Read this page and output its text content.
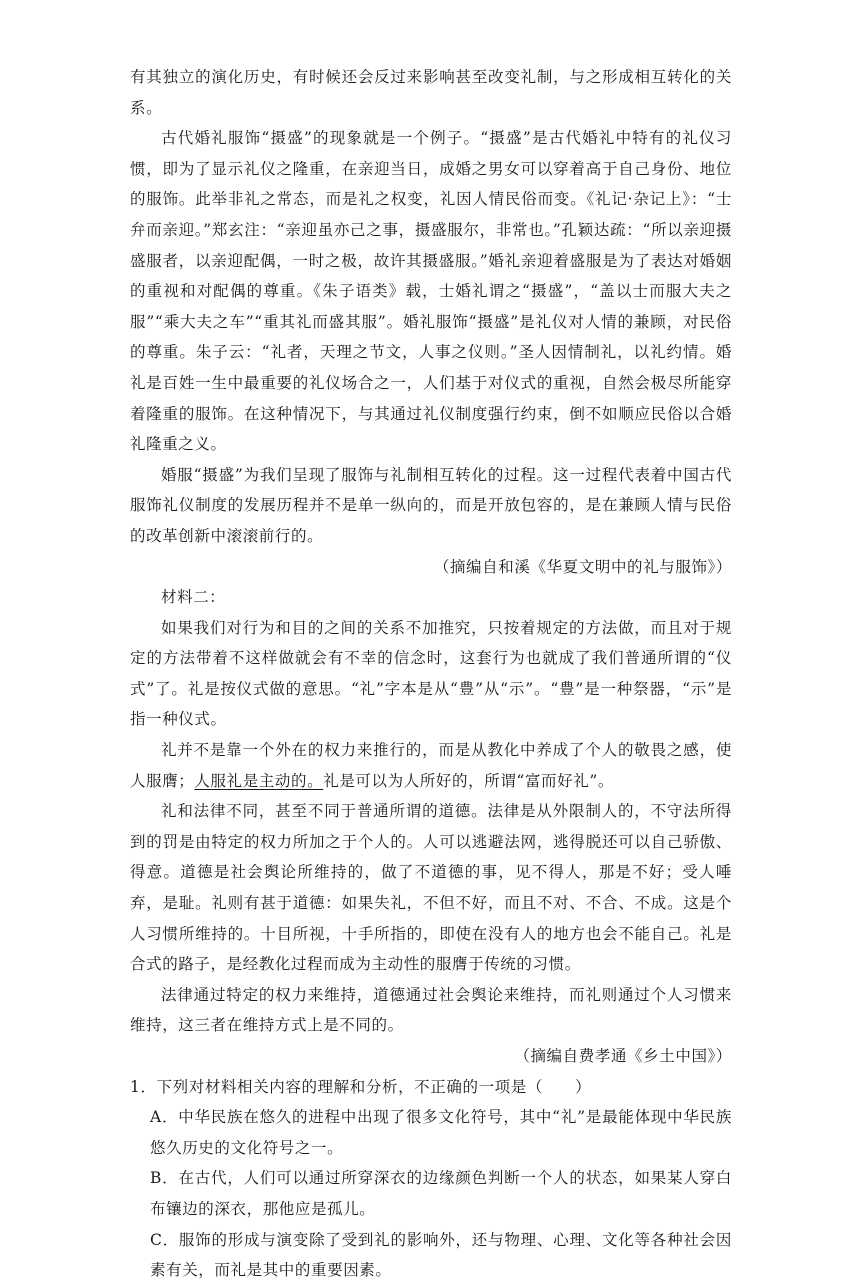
有其独立的演化历史，有时候还会反过来影响甚至改变礼制，与之形成相互转化的关系。

古代婚礼服饰“摄盛”的现象就是一个例子。“摄盛”是古代婚礼中特有的礼仪习惯，即为了显示礼仪之隆重，在亲迎当日，成婚之男女可以穿着高于自己身份、地位的服饰。此举非礼之常态，而是礼之权变，礼因人情民俗而变。《礼记·杂记上》：“士弁而亲迎。”郑玄注：“亲迎虽亦己之事，摄盛服尔，非常也。”孔颖达疏：“所以亲迎摄盛服者，以亲迎配偶，一时之极，故许其摄盛服。”婚礼亲迎着盛服是为了表达对婚姻的重视和对配偶的尊重。《朱子语类》载，士婚礼谓之“摄盛”，“盖以士而服大夫之服”“乘大夫之车”“重其礼而盛其服”。婚礼服饰“摄盛”是礼仪对人情的兼顾，对民俗的尊重。朱子云：“礼者，天理之节文，人事之仪则。”圣人因情制礼，以礼约情。婚礼是百姓一生中最重要的礼仪场合之一，人们基于对仪式的重视，自然会极尽所能穿着隆重的服饰。在这种情况下，与其通过礼仪制度强行约束，倒不如顺应民俗以合婚礼隆重之义。

婚服“摄盛”为我们呈现了服饰与礼制相互转化的过程。这一过程代表着中国古代服饰礼仪制度的发展历程并不是单一纵向的，而是开放包容的，是在兼顾人情与民俗的改革创新中滚滚前行的。

（摘编自和溪《华夏文明中的礼与服饰》）

材料二：

如果我们对行为和目的之间的关系不加推究，只按着规定的方法做，而且对于规定的方法带着不这样做就会有不幸的信念时，这套行为也就成了我们普通所谓的“仪式”了。礼是按仪式做的意思。“礼”字本是从“豊”从“示”。“豊”是一种祭器，“示”是指一种仪式。

礼并不是靠一个外在的权力来推行的，而是从教化中养成了个人的敬畏之感，使人服膺；人服礼是主动的。礼是可以为人所好的，所谓“富而好礼”。

礼和法律不同，甚至不同于普通所谓的道德。法律是从外限制人的，不守法所得到的罚是由特定的权力所加之于个人的。人可以逃避法网，逃得脱还可以自己骄傲、得意。道德是社会舆论所维持的，做了不道德的事，见不得人，那是不好；受人唾弃，是耻。礼则有甚于道德：如果失礼，不但不好，而且不对、不合、不成。这是个人习惯所维持的。十目所视，十手所指的，即使在没有人的地方也会不能自己。礼是合式的路子，是经教化过程而成为主动性的服膺于传统的习惯。

法律通过特定的权力来维持，道德通过社会舆论来维持，而礼则通过个人习惯来维持，这三者在维持方式上是不同的。

（摘编自费孝通《乡土中国》）

1．下列对材料相关内容的理解和分析，不正确的一项是（　　）

A．中华民族在悠久的进程中出现了很多文化符号，其中“礼”是最能体现中华民族悠久历史的文化符号之一。

B．在古代，人们可以通过所穿深衣的边缘颜色判断一个人的状态，如果某人穿白布镶边的深衣，那他应是孤儿。

C．服饰的形成与演变除了受到礼的影响外，还与物理、心理、文化等各种社会因素有关，而礼是其中的重要因素。
